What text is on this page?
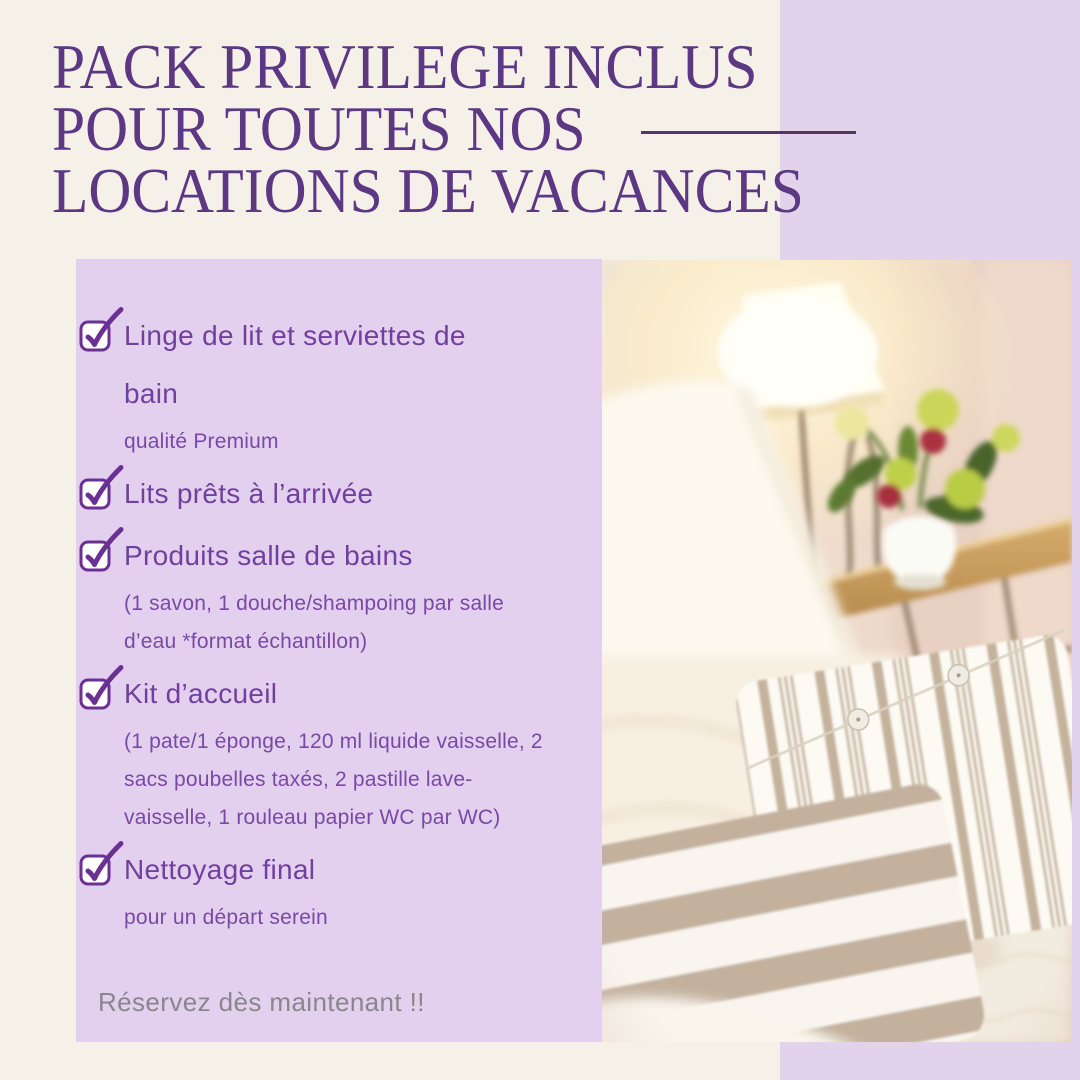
PACK PRIVILEGE INCLUS
POUR TOUTES NOS
LOCATIONS DE VACANCES
Linge de lit et serviettes de
bain
qualité Premium
Lits prêts à l’arrivée
Produits salle de bains
(1 savon, 1 douche/shampoing par salle
d’eau *format échantillon)
Kit d’accueil
(1 pate/1 éponge, 120 ml liquide vaisselle, 2
sacs poubelles taxés, 2 pastille lave-
vaisselle, 1 rouleau papier WC par WC)
Nettoyage final
pour un départ serein
Réservez dès maintenant !!
